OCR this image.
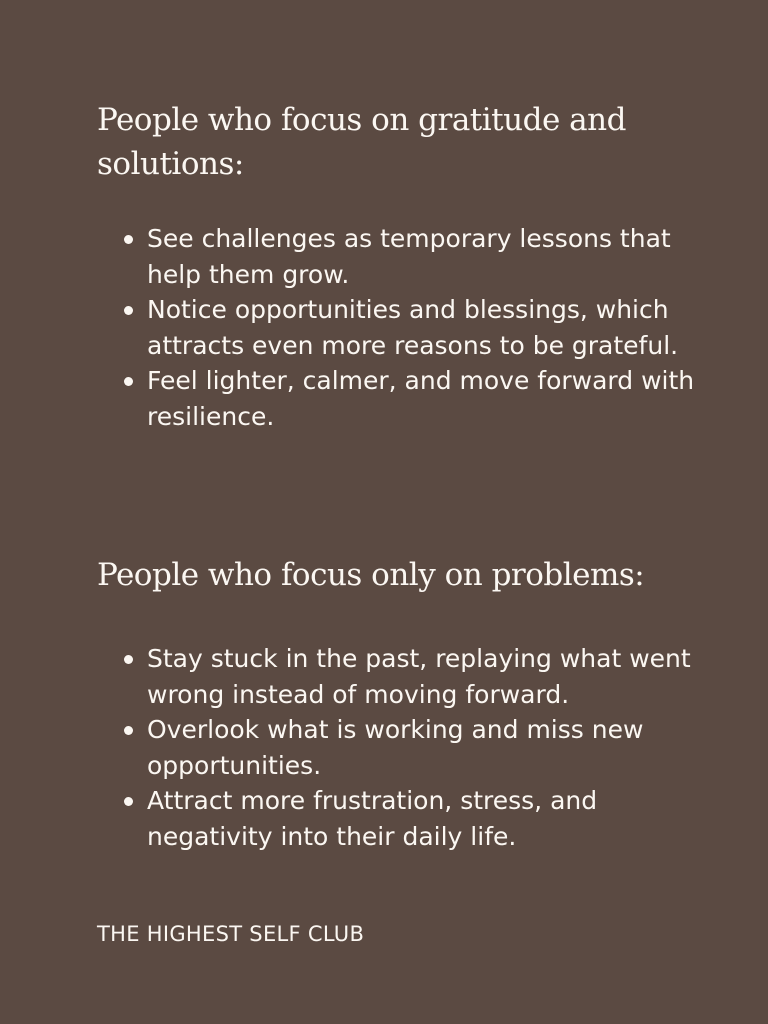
People who focus on gratitude and solutions:
See challenges as temporary lessons that help them grow.
Notice opportunities and blessings, which attracts even more reasons to be grateful.
Feel lighter, calmer, and move forward with resilience.
People who focus only on problems:
Stay stuck in the past, replaying what went wrong instead of moving forward.
Overlook what is working and miss new opportunities.
Attract more frustration, stress, and negativity into their daily life.
THE HIGHEST SELF CLUB
